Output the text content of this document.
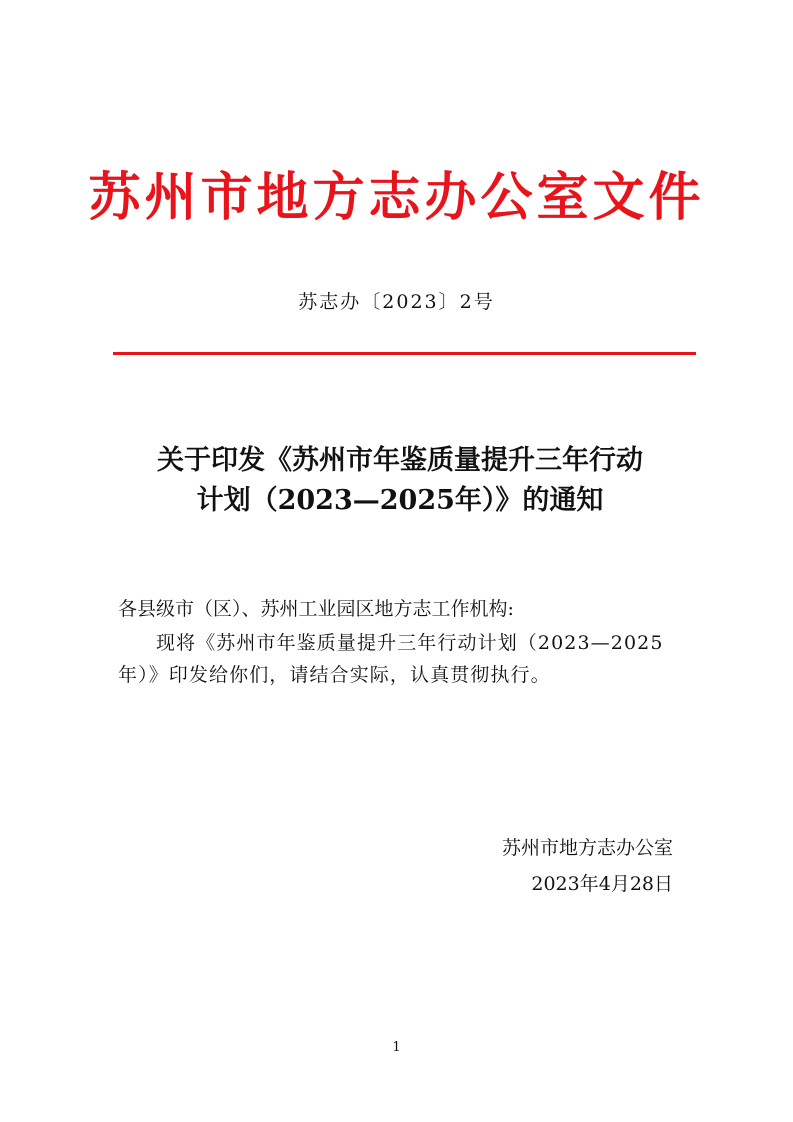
苏州市地方志办公室文件
苏志办〔2023〕2号
关于印发《苏州市年鉴质量提升三年行动
计划（2023—2025年）》的通知
各县级市（区）、苏州工业园区地方志工作机构:

现将《苏州市年鉴质量提升三年行动计划（2023—2025年）》印发给你们，请结合实际，认真贯彻执行。

苏州市地方志办公室
2023年4月28日
1
